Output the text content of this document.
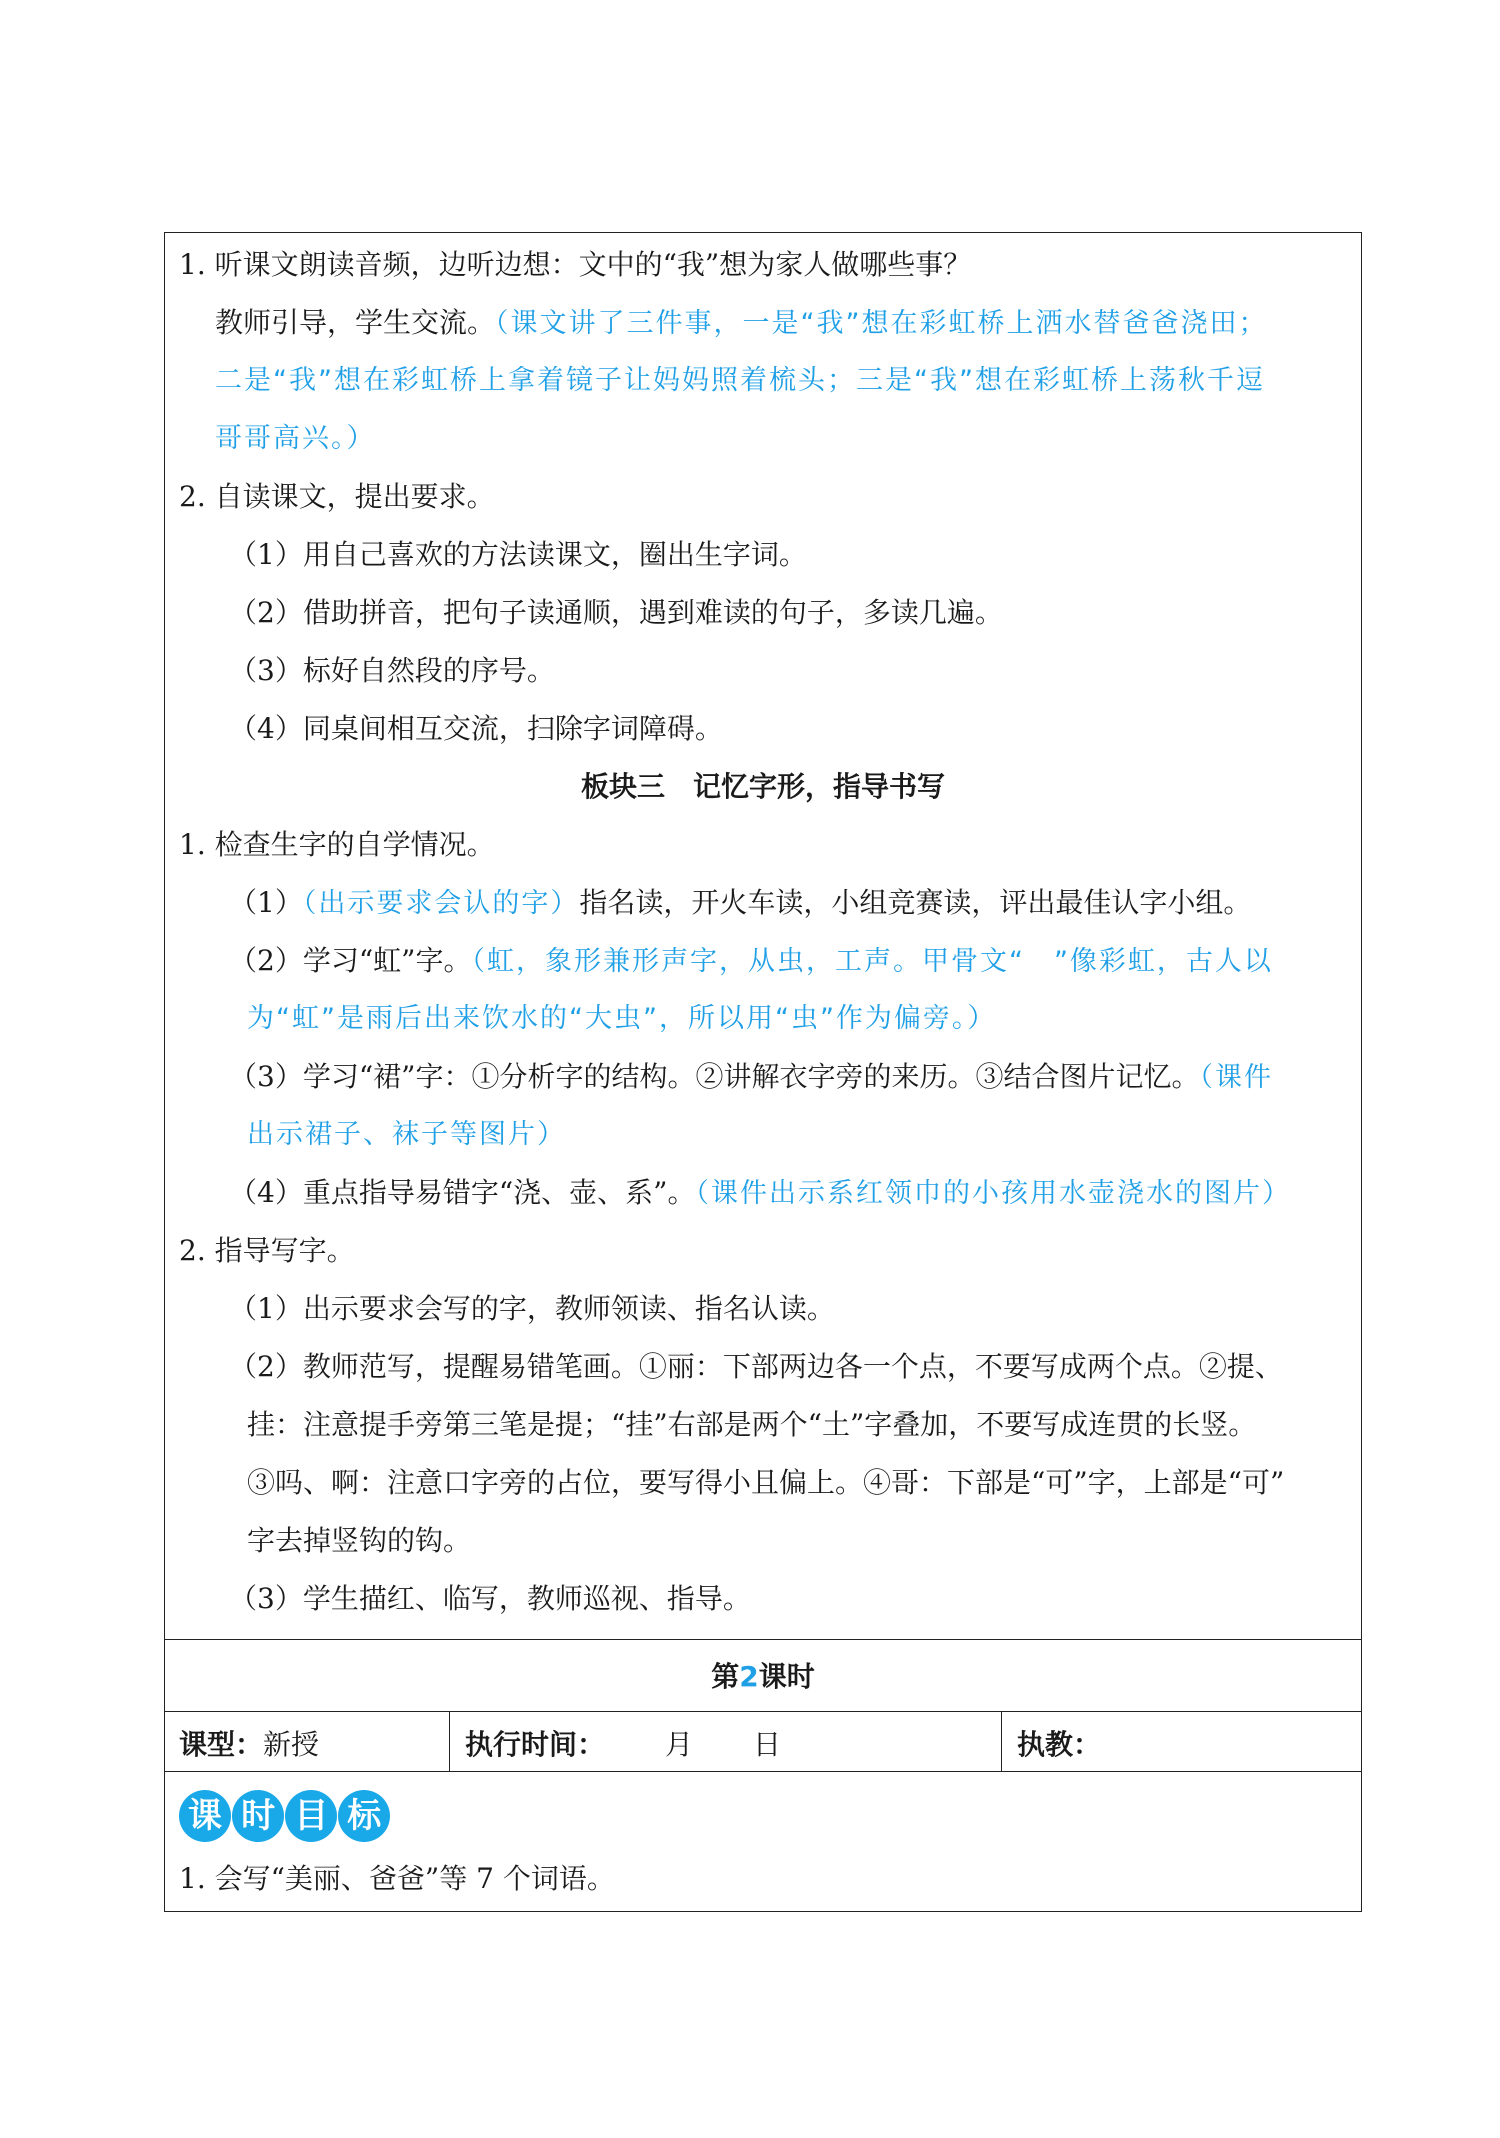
1. 听课文朗读音频，边听边想：文中的“我”想为家人做哪些事？
教师引导，学生交流。（课文讲了三件事，一是“我”想在彩虹桥上洒水替爸爸浇田；
二是“我”想在彩虹桥上拿着镜子让妈妈照着梳头；三是“我”想在彩虹桥上荡秋千逗
哥哥高兴。）
2. 自读课文，提出要求。
（1）用自己喜欢的方法读课文，圈出生字词。
（2）借助拼音，把句子读通顺，遇到难读的句子，多读几遍。
（3）标好自然段的序号。
（4）同桌间相互交流，扫除字词障碍。
板块三　记忆字形，指导书写
1. 检查生字的自学情况。
（1）（出示要求会认的字）指名读，开火车读，小组竞赛读，评出最佳认字小组。
（2）学习“虹”字。（虹，象形兼形声字，从虫，工声。甲骨文“　”像彩虹，古人以
为“虹”是雨后出来饮水的“大虫”，所以用“虫”作为偏旁。）
（3）学习“裙”字：①分析字的结构。②讲解衣字旁的来历。③结合图片记忆。（课件
出示裙子、袜子等图片）
（4）重点指导易错字“浇、壶、系”。（课件出示系红领巾的小孩用水壶浇水的图片）
2. 指导写字。
（1）出示要求会写的字，教师领读、指名认读。
（2）教师范写，提醒易错笔画。①丽：下部两边各一个点，不要写成两个点。②提、
挂：注意提手旁第三笔是提；“挂”右部是两个“土”字叠加，不要写成连贯的长竖。
③吗、啊：注意口字旁的占位，要写得小且偏上。④哥：下部是“可”字，上部是“可”
字去掉竖钩的钩。
（3）学生描红、临写，教师巡视、指导。
第2课时
课型：新授	执行时间： 月 日	执教：
课 时 目 标
1. 会写“美丽、爸爸”等 7 个词语。
